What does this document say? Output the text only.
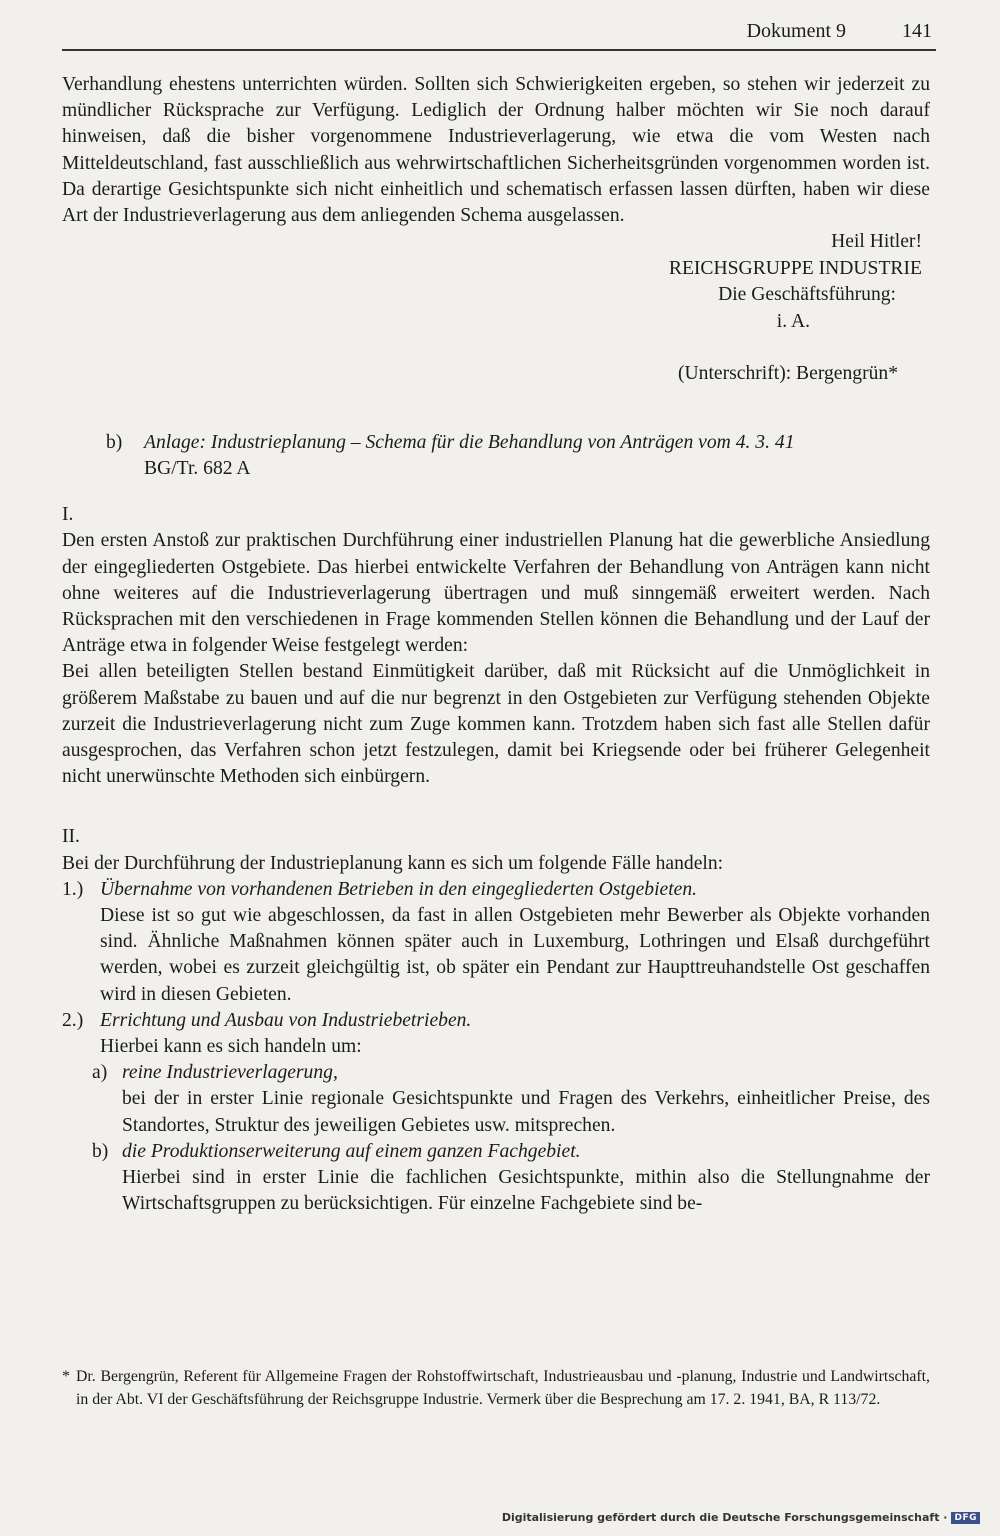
Dokument 9	141

Verhandlung ehestens unterrichten würden. Sollten sich Schwierigkeiten ergeben, so stehen wir jederzeit zu mündlicher Rücksprache zur Verfügung. Lediglich der Ordnung halber möchten wir Sie noch darauf hinweisen, daß die bisher vorgenommene Industrieverlagerung, wie etwa die vom Westen nach Mitteldeutschland, fast ausschließlich aus wehrwirtschaftlichen Sicherheitsgründen vorgenommen worden ist. Da derartige Gesichtspunkte sich nicht einheitlich und schematisch erfassen lassen dürften, haben wir diese Art der Industrieverlagerung aus dem anliegenden Schema ausgelassen.

Heil Hitler!
REICHSGRUPPE INDUSTRIE
Die Geschäftsführung:
i. A.
(Unterschrift): Bergengrün*
b)	Anlage: Industrieplanung – Schema für die Behandlung von Anträgen vom 4. 3. 41
BG/Tr. 682 A
I.

Den ersten Anstoß zur praktischen Durchführung einer industriellen Planung hat die gewerbliche Ansiedlung der eingegliederten Ostgebiete. Das hierbei entwickelte Verfahren der Behandlung von Anträgen kann nicht ohne weiteres auf die Industrieverlagerung übertragen und muß sinngemäß erweitert werden. Nach Rücksprachen mit den verschiedenen in Frage kommenden Stellen können die Behandlung und der Lauf der Anträge etwa in folgender Weise festgelegt werden:

Bei allen beteiligten Stellen bestand Einmütigkeit darüber, daß mit Rücksicht auf die Unmöglichkeit in größerem Maßstabe zu bauen und auf die nur begrenzt in den Ostgebieten zur Verfügung stehenden Objekte zurzeit die Industrieverlagerung nicht zum Zuge kommen kann. Trotzdem haben sich fast alle Stellen dafür ausgesprochen, das Verfahren schon jetzt festzulegen, damit bei Kriegsende oder bei früherer Gelegenheit nicht unerwünschte Methoden sich einbürgern.

II.

Bei der Durchführung der Industrieplanung kann es sich um folgende Fälle handeln:

1.) Übernahme von vorhandenen Betrieben in den eingegliederten Ostgebieten.

Diese ist so gut wie abgeschlossen, da fast in allen Ostgebieten mehr Bewerber als Objekte vorhanden sind. Ähnliche Maßnahmen können später auch in Luxemburg, Lothringen und Elsaß durchgeführt werden, wobei es zurzeit gleichgültig ist, ob später ein Pendant zur Haupttreuhandstelle Ost geschaffen wird in diesen Gebieten.

2.) Errichtung und Ausbau von Industriebetrieben.
Hierbei kann es sich handeln um:
a) reine Industrieverlagerung,

bei der in erster Linie regionale Gesichtspunkte und Fragen des Verkehrs, einheitlicher Preise, des Standortes, Struktur des jeweiligen Gebietes usw. mitsprechen.

b) die Produktionserweiterung auf einem ganzen Fachgebiet.

Hierbei sind in erster Linie die fachlichen Gesichtspunkte, mithin also die Stellungnahme der Wirtschaftsgruppen zu berücksichtigen. Für einzelne Fachgebiete sind be-

* Dr. Bergengrün, Referent für Allgemeine Fragen der Rohstoffwirtschaft, Industrieausbau und -planung, Industrie und Landwirtschaft, in der Abt. VI der Geschäftsführung der Reichsgruppe Industrie. Vermerk über die Besprechung am 17. 2. 1941, BA, R 113/72.
Digitalisierung gefördert durch die Deutsche Forschungsgemeinschaft · DFG
